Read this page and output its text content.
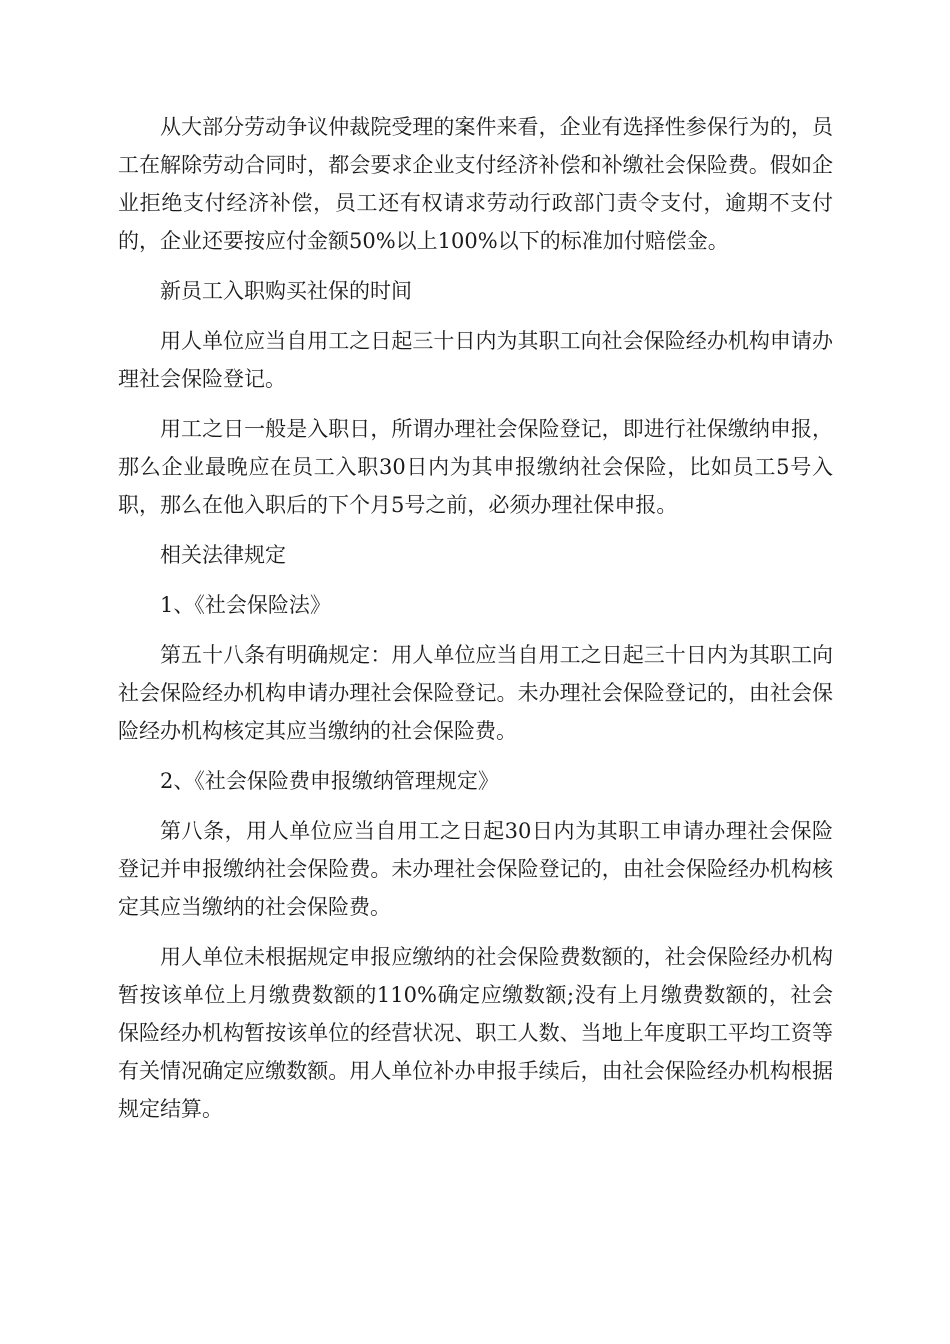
从大部分劳动争议仲裁院受理的案件来看，企业有选择性参保行为的，员工在解除劳动合同时，都会要求企业支付经济补偿和补缴社会保险费。假如企业拒绝支付经济补偿，员工还有权请求劳动行政部门责令支付，逾期不支付的，企业还要按应付金额50%以上100%以下的标准加付赔偿金。

新员工入职购买社保的时间

用人单位应当自用工之日起三十日内为其职工向社会保险经办机构申请办理社会保险登记。

用工之日一般是入职日，所谓办理社会保险登记，即进行社保缴纳申报，那么企业最晚应在员工入职30日内为其申报缴纳社会保险，比如员工5号入职，那么在他入职后的下个月5号之前，必须办理社保申报。

相关法律规定

1、《社会保险法》

第五十八条有明确规定：用人单位应当自用工之日起三十日内为其职工向社会保险经办机构申请办理社会保险登记。未办理社会保险登记的，由社会保险经办机构核定其应当缴纳的社会保险费。

2、《社会保险费申报缴纳管理规定》

第八条，用人单位应当自用工之日起30日内为其职工申请办理社会保险登记并申报缴纳社会保险费。未办理社会保险登记的，由社会保险经办机构核定其应当缴纳的社会保险费。

用人单位未根据规定申报应缴纳的社会保险费数额的，社会保险经办机构暂按该单位上月缴费数额的110%确定应缴数额;没有上月缴费数额的，社会保险经办机构暂按该单位的经营状况、职工人数、当地上年度职工平均工资等有关情况确定应缴数额。用人单位补办申报手续后，由社会保险经办机构根据规定结算。
